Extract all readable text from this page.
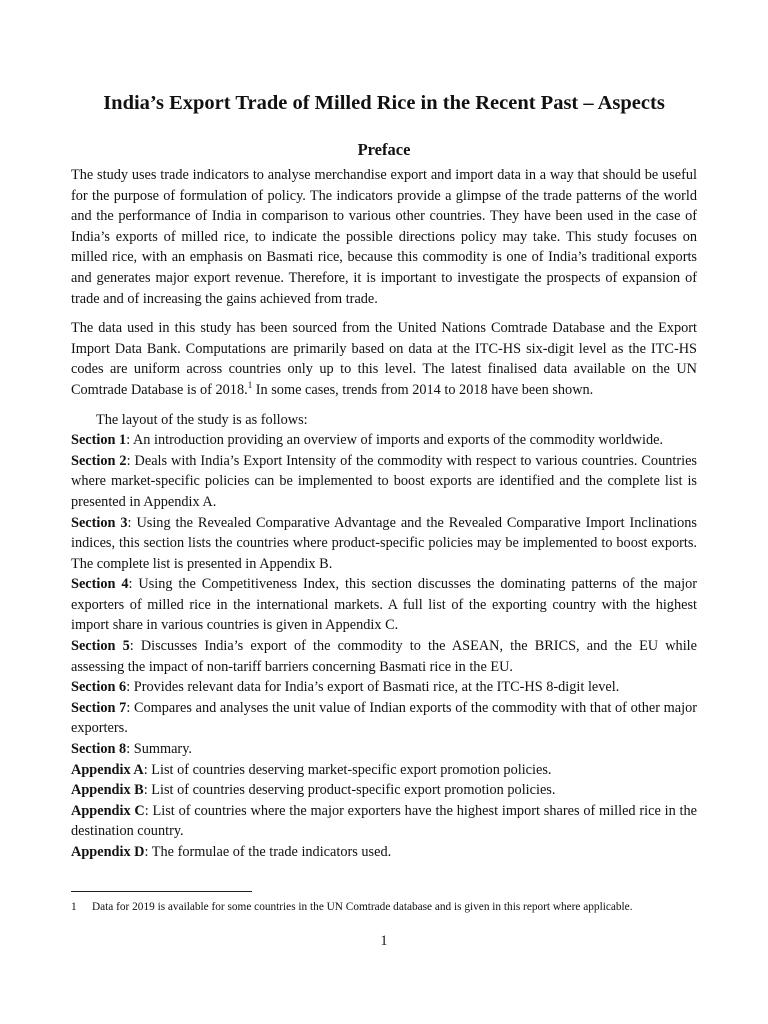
India’s Export Trade of Milled Rice in the Recent Past – Aspects
Preface

The study uses trade indicators to analyse merchandise export and import data in a way that should be useful for the purpose of formulation of policy. The indicators provide a glimpse of the trade patterns of the world and the performance of India in comparison to various other countries. They have been used in the case of India’s exports of milled rice, to indicate the possible directions policy may take. This study focuses on milled rice, with an emphasis on Basmati rice, because this commodity is one of India’s traditional exports and generates major export revenue. Therefore, it is important to investigate the prospects of expansion of trade and of increasing the gains achieved from trade.

The data used in this study has been sourced from the United Nations Comtrade Database and the Export Import Data Bank. Computations are primarily based on data at the ITC-HS six-digit level as the ITC-HS codes are uniform across countries only up to this level. The latest finalised data available on the UN Comtrade Database is of 2018.$^1$ In some cases, trends from 2014 to 2018 have been shown.

The layout of the study is as follows:

Section 1: An introduction providing an overview of imports and exports of the commodity worldwide.

Section 2: Deals with India’s Export Intensity of the commodity with respect to various countries. Countries where market-specific policies can be implemented to boost exports are identified and the complete list is presented in Appendix A.

Section 3: Using the Revealed Comparative Advantage and the Revealed Comparative Import Inclinations indices, this section lists the countries where product-specific policies may be implemented to boost exports. The complete list is presented in Appendix B.

Section 4: Using the Competitiveness Index, this section discusses the dominating patterns of the major exporters of milled rice in the international markets. A full list of the exporting country with the highest import share in various countries is given in Appendix C.

Section 5: Discusses India’s export of the commodity to the ASEAN, the BRICS, and the EU while assessing the impact of non-tariff barriers concerning Basmati rice in the EU.

Section 6: Provides relevant data for India’s export of Basmati rice, at the ITC-HS 8-digit level.

Section 7: Compares and analyses the unit value of Indian exports of the commodity with that of other major exporters.

Section 8: Summary.

Appendix A: List of countries deserving market-specific export promotion policies.

Appendix B: List of countries deserving product-specific export promotion policies.

Appendix C: List of countries where the major exporters have the highest import shares of milled rice in the destination country.

Appendix D: The formulae of the trade indicators used.

1 Data for 2019 is available for some countries in the UN Comtrade database and is given in this report where applicable.
1
